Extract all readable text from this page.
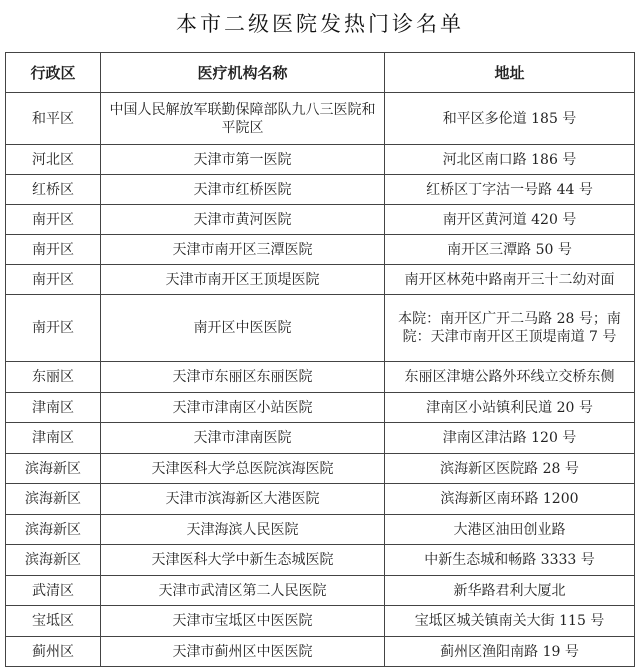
本市二级医院发热门诊名单
行政区	医疗机构名称	地址
和平区	中国人民解放军联勤保障部队九八三医院和平院区	和平区多伦道 185 号
河北区	天津市第一医院	河北区南口路 186 号
红桥区	天津市红桥医院	红桥区丁字沽一号路 44 号
南开区	天津市黄河医院	南开区黄河道 420 号
南开区	天津市南开区三潭医院	南开区三潭路 50 号
南开区	天津市南开区王顶堤医院	南开区林苑中路南开三十二幼对面
南开区	南开区中医医院	本院：南开区广开二马路 28 号；南院：天津市南开区王顶堤南道 7 号
东丽区	天津市东丽区东丽医院	东丽区津塘公路外环线立交桥东侧
津南区	天津市津南区小站医院	津南区小站镇利民道 20 号
津南区	天津市津南医院	津南区津沽路 120 号
滨海新区	天津医科大学总医院滨海医院	滨海新区医院路 28 号
滨海新区	天津市滨海新区大港医院	滨海新区南环路 1200
滨海新区	天津海滨人民医院	大港区油田创业路
滨海新区	天津医科大学中新生态城医院	中新生态城和畅路 3333 号
武清区	天津市武清区第二人民医院	新华路君利大厦北
宝坻区	天津市宝坻区中医医院	宝坻区城关镇南关大街 115 号
蓟州区	天津市蓟州区中医医院	蓟州区渔阳南路 19 号
